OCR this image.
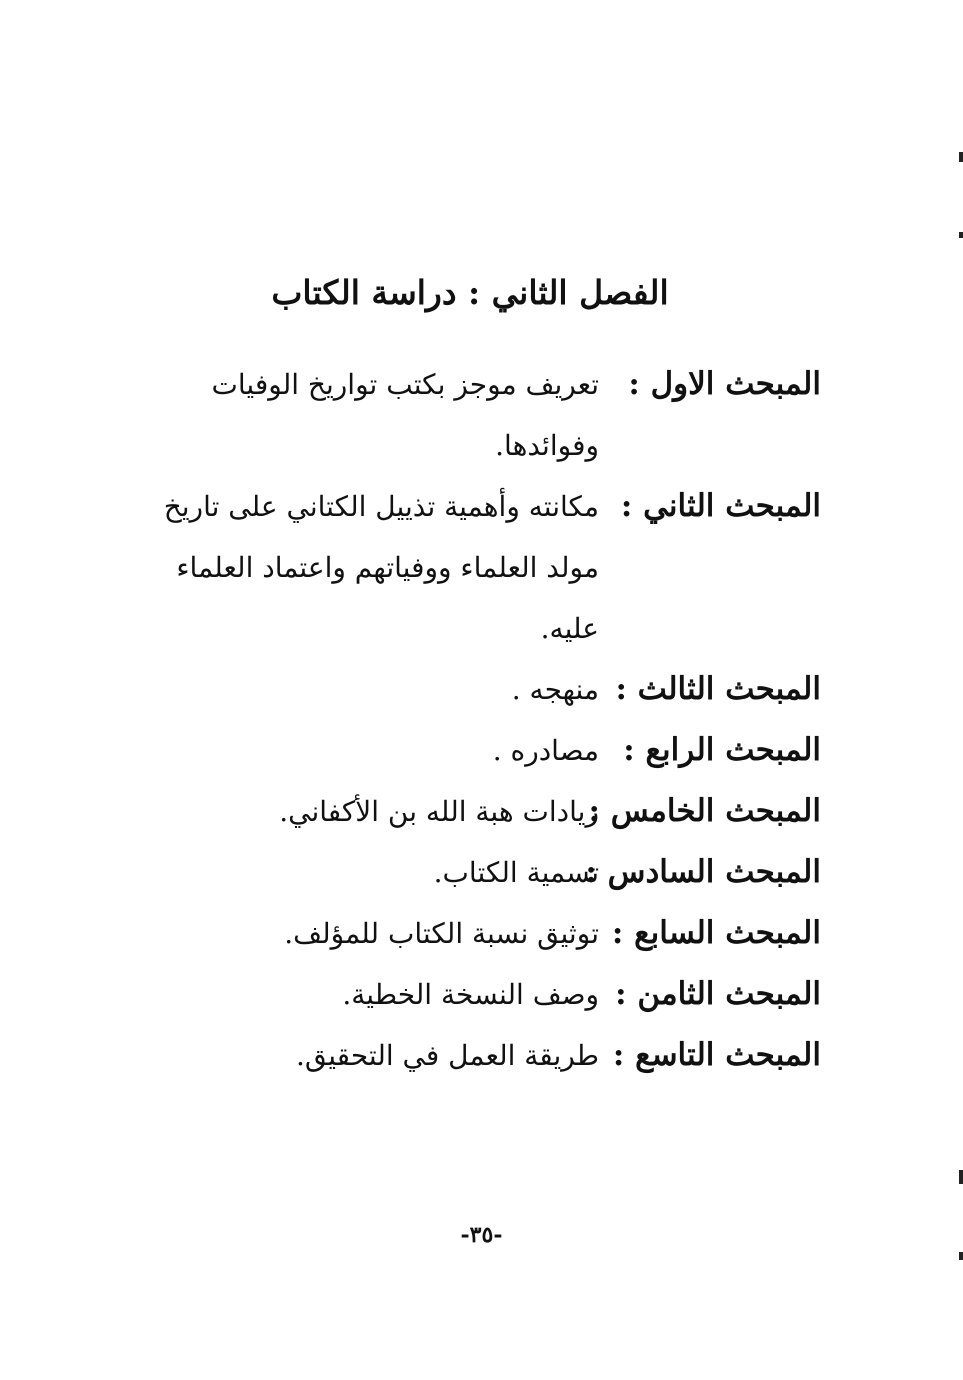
الفصل الثاني : دراسة الكتاب
المبحث الاول :
تعريف موجز بكتب تواريخ الوفيات وفوائدها.
المبحث الثاني :
مكانته وأهمية تذييل الكتاني على تاريخ مولد العلماء ووفياتهم واعتماد العلماء عليه.
المبحث الثالث :
منهجه .
المبحث الرابع :
مصادره .
المبحث الخامس :
زيادات هبة الله بن الأكفاني.
المبحث السادس :
تسمية الكتاب.
المبحث السابع :
توثيق نسبة الكتاب للمؤلف.
المبحث الثامن :
وصف النسخة الخطية.
المبحث التاسع :
طريقة العمل في التحقيق.
-٣٥-
